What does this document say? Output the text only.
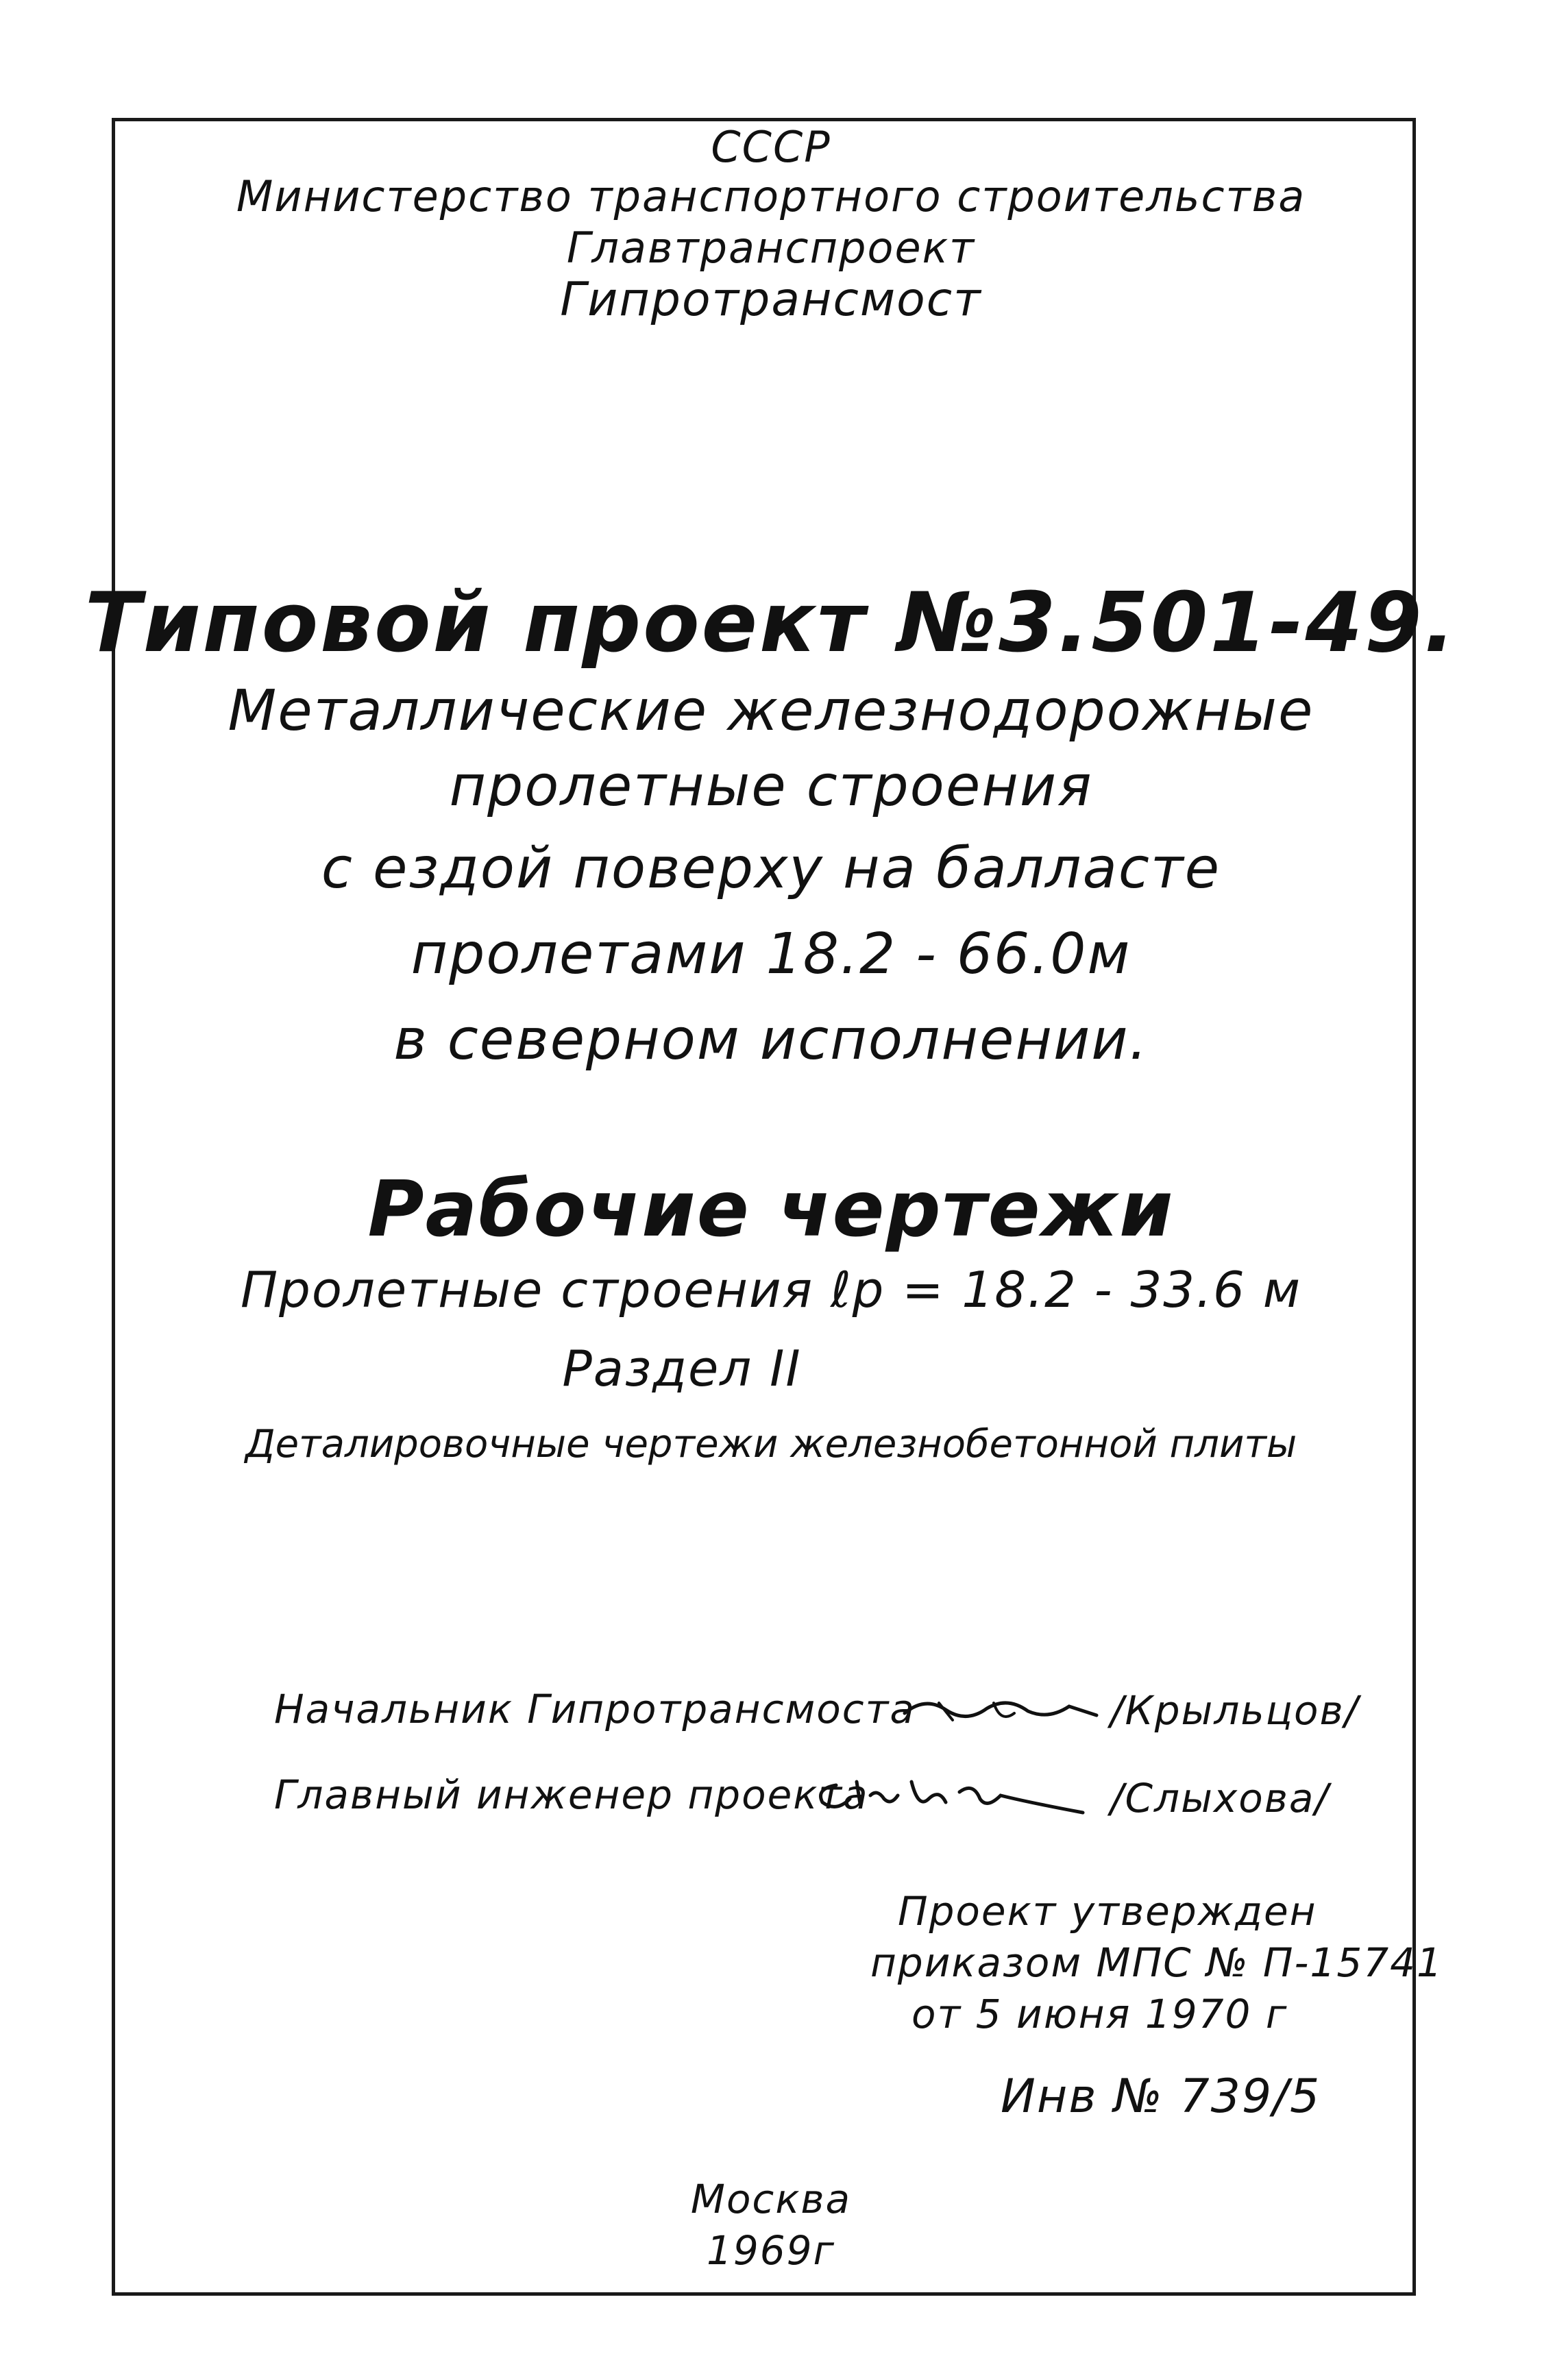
СССР
Министерство транспортного строительства
Главтранспроект
Гипротрансмост
Типовой проект №3.501-49.
Металлические железнодорожные
пролетные строения
с ездой поверху на балласте
пролетами 18.2 - 66.0м
в северном исполнении.
Рабочие чертежи
Пролетные строения ℓp = 18.2 - 33.6 м
Раздел II
Деталировочные чертежи железнобетонной плиты
Начальник Гипротрансмоста	/Крыльцов/
Главный инженер проекта	/Слыхова/
Проект утвержден
приказом МПС № П-15741
от 5 июня 1970 г
Инв № 739/5
Москва
1969г
